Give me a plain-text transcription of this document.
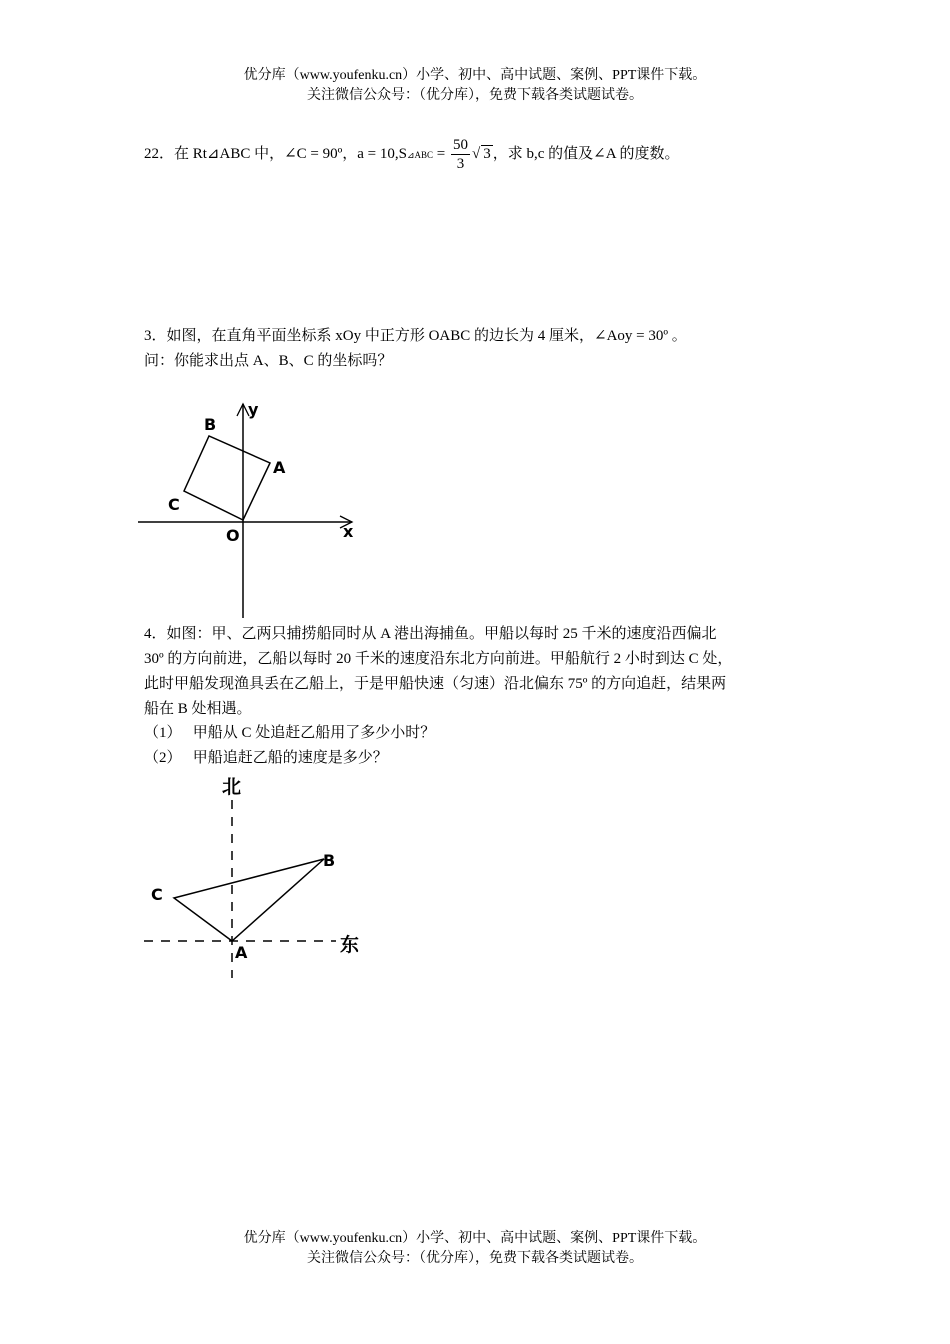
优分库（www.youfenku.cn）小学、初中、高中试题、案例、PPT课件下载。
关注微信公众号：（优分库），免费下载各类试题试卷。
22．在 Rt⊿ABC 中，∠C = 90º，a = 10,S⊿ABC = $\frac{50}{3}$ √ 3 ，求 b,c 的值及∠A 的度数。
3．如图，在直角平面坐标系 xOy 中正方形 OABC 的边长为 4 厘米，∠Aoy = 30º 。
问：你能求出点 A、B、C 的坐标吗？
B
A
C
O
y
x
4．如图：甲、乙两只捕捞船同时从 A 港出海捕鱼。甲船以每时 25 千米的速度沿西偏北
30º 的方向前进，乙船以每时 20 千米的速度沿东北方向前进。甲船航行 2 小时到达 C 处，
此时甲船发现渔具丢在乙船上，于是甲船快速（匀速）沿北偏东 75º 的方向追赶，结果两
船在 B 处相遇。
（1）   甲船从 C 处追赶乙船用了多少小时？
（2）   甲船追赶乙船的速度是多少？
北
东
A
B
C
优分库（www.youfenku.cn）小学、初中、高中试题、案例、PPT课件下载。
关注微信公众号：（优分库），免费下载各类试题试卷。
